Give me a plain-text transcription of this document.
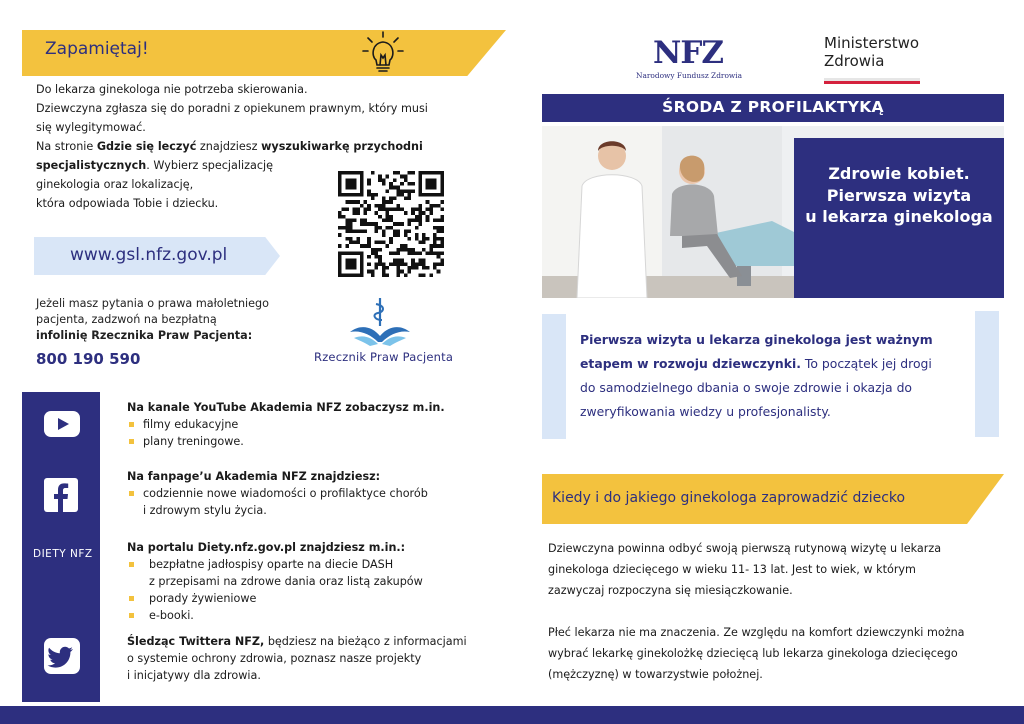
Zapamiętaj!
Do lekarza ginekologa nie potrzeba skierowania.
Dziewczyna zgłasza się do poradni z opiekunem prawnym, który musi
się wylegitymować.
Na stronie Gdzie się leczyć znajdziesz wyszukiwarkę przychodni
specjalistycznych. Wybierz specjalizację
ginekologia oraz lokalizację,
która odpowiada Tobie i dziecku.
www.gsl.nfz.gov.pl
Jeżeli masz pytania o prawa małoletniego
pacjenta, zadzwoń na bezpłatną
infolinię Rzecznika Praw Pacjenta:
800 190 590	Rzecznik Praw Pacjenta
DIETY NFZ
Na kanale YouTube Akademia NFZ zobaczysz m.in.
filmy edukacyjne
plany treningowe.
Na fanpage’u Akademia NFZ znajdziesz:
codziennie nowe wiadomości o profilaktyce chorób
i zdrowym stylu życia.
Na portalu Diety.nfz.gov.pl znajdziesz m.in.:
bezpłatne jadłospisy oparte na diecie DASH
z przepisami na zdrowe dania oraz listą zakupów
porady żywieniowe
e-booki.
Śledząc Twittera NFZ, będziesz na bieżąco z informacjami
o systemie ochrony zdrowia, poznasz nasze projekty
i inicjatywy dla zdrowia.
NFZ
Narodowy Fundusz Zdrowia
Ministerstwo
Zdrowia
ŚRODA Z PROFILAKTYKĄ
Zdrowie kobiet.
Pierwsza wizyta
u lekarza ginekologa
Pierwsza wizyta u lekarza ginekologa jest ważnym
etapem w rozwoju dziewczynki. To początek jej drogi
do samodzielnego dbania o swoje zdrowie i okazja do
zweryfikowania wiedzy u profesjonalisty.
Kiedy i do jakiego ginekologa zaprowadzić dziecko
Dziewczyna powinna odbyć swoją pierwszą rutynową wizytę u lekarza
ginekologa dziecięcego w wieku 11- 13 lat. Jest to wiek, w którym
zazwyczaj rozpoczyna się miesiączkowanie.
Płeć lekarza nie ma znaczenia. Ze względu na komfort dziewczynki można
wybrać lekarkę ginekolożkę dziecięcą lub lekarza ginekologa dziecięcego
(mężczyznę) w towarzystwie położnej.
